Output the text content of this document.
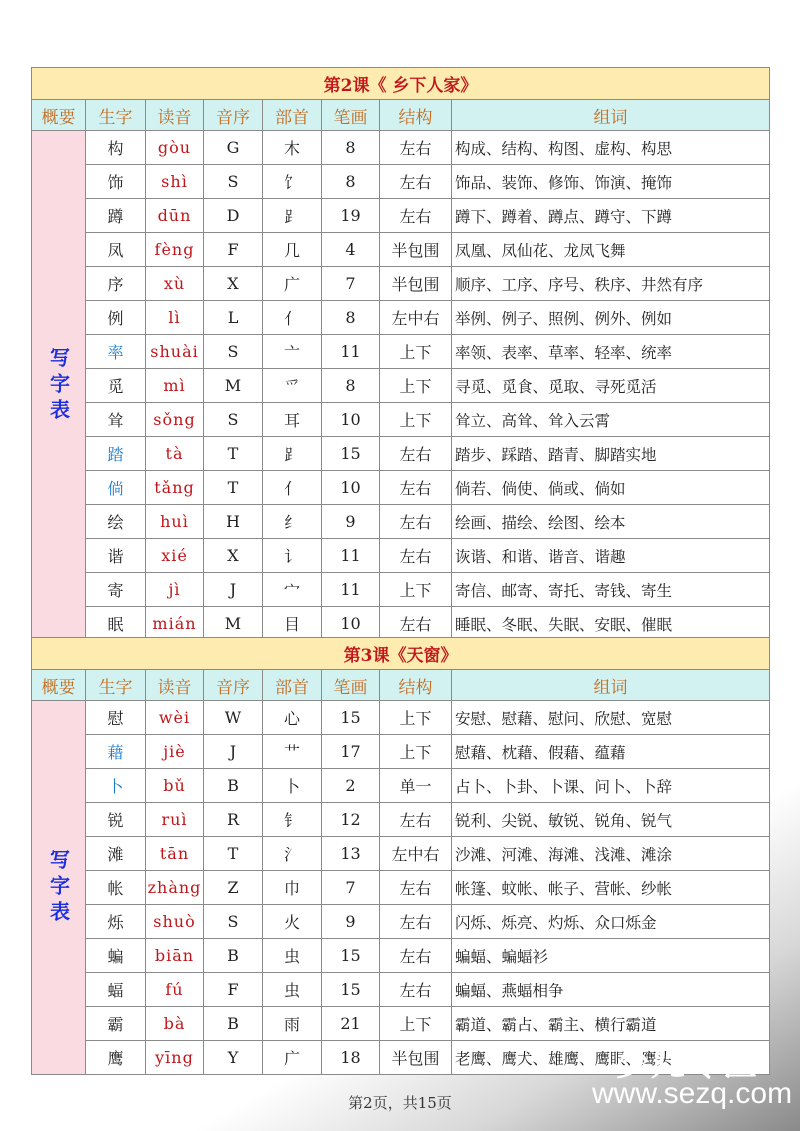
第2课《 乡下人家》							
概要	生字	读音	音序	部首	笔画	结构	组词
写字表	构	gòu	G	木	8	左右	构成、结构、构图、虚构、构思
	饰	shì	S	饣	8	左右	饰品、装饰、修饰、饰演、掩饰
	蹲	dūn	D	⻊	19	左右	蹲下、蹲着、蹲点、蹲守、下蹲
	凤	fèng	F	几	4	半包围	凤凰、凤仙花、龙凤飞舞
	序	xù	X	广	7	半包围	顺序、工序、序号、秩序、井然有序
	例	lì	L	亻	8	左中右	举例、例子、照例、例外、例如
	率	shuài	S	亠	11	上下	率领、表率、草率、轻率、统率
	觅	mì	M	爫	8	上下	寻觅、觅食、觅取、寻死觅活
	耸	sǒng	S	耳	10	上下	耸立、高耸、耸入云霄
	踏	tà	T	⻊	15	左右	踏步、踩踏、踏青、脚踏实地
	倘	tǎng	T	亻	10	左右	倘若、倘使、倘或、倘如
	绘	huì	H	纟	9	左右	绘画、描绘、绘图、绘本
	谐	xié	X	讠	11	左右	诙谐、和谐、谐音、谐趣
	寄	jì	J	宀	11	上下	寄信、邮寄、寄托、寄钱、寄生
	眠	mián	M	目	10	左右	睡眠、冬眠、失眠、安眠、催眠
第3课《天窗》							
概要	生字	读音	音序	部首	笔画	结构	组词
写字表	慰	wèi	W	心	15	上下	安慰、慰藉、慰问、欣慰、宽慰
	藉	jiè	J	艹	17	上下	慰藉、枕藉、假藉、蕴藉
	卜	bǔ	B	卜	2	单一	占卜、卜卦、卜课、问卜、卜辞
	锐	ruì	R	钅	12	左右	锐利、尖锐、敏锐、锐角、锐气
	滩	tān	T	氵	13	左中右	沙滩、河滩、海滩、浅滩、滩涂
	帐	zhàng	Z	巾	7	左右	帐篷、蚊帐、帐子、营帐、纱帐
	烁	shuò	S	火	9	左右	闪烁、烁亮、灼烁、众口烁金
	蝙	biān	B	虫	15	左右	蝙蝠、蝙蝠衫
	蝠	fú	F	虫	15	左右	蝙蝠、燕蝠相争
	霸	bà	B	雨	21	上下	霸道、霸占、霸主、横行霸道
	鹰	yīng	Y	广	18	半包围	老鹰、鹰犬、雄鹰、鹰眼、鹰头
第2页，共15页
少儿专区
www.sezq.com
